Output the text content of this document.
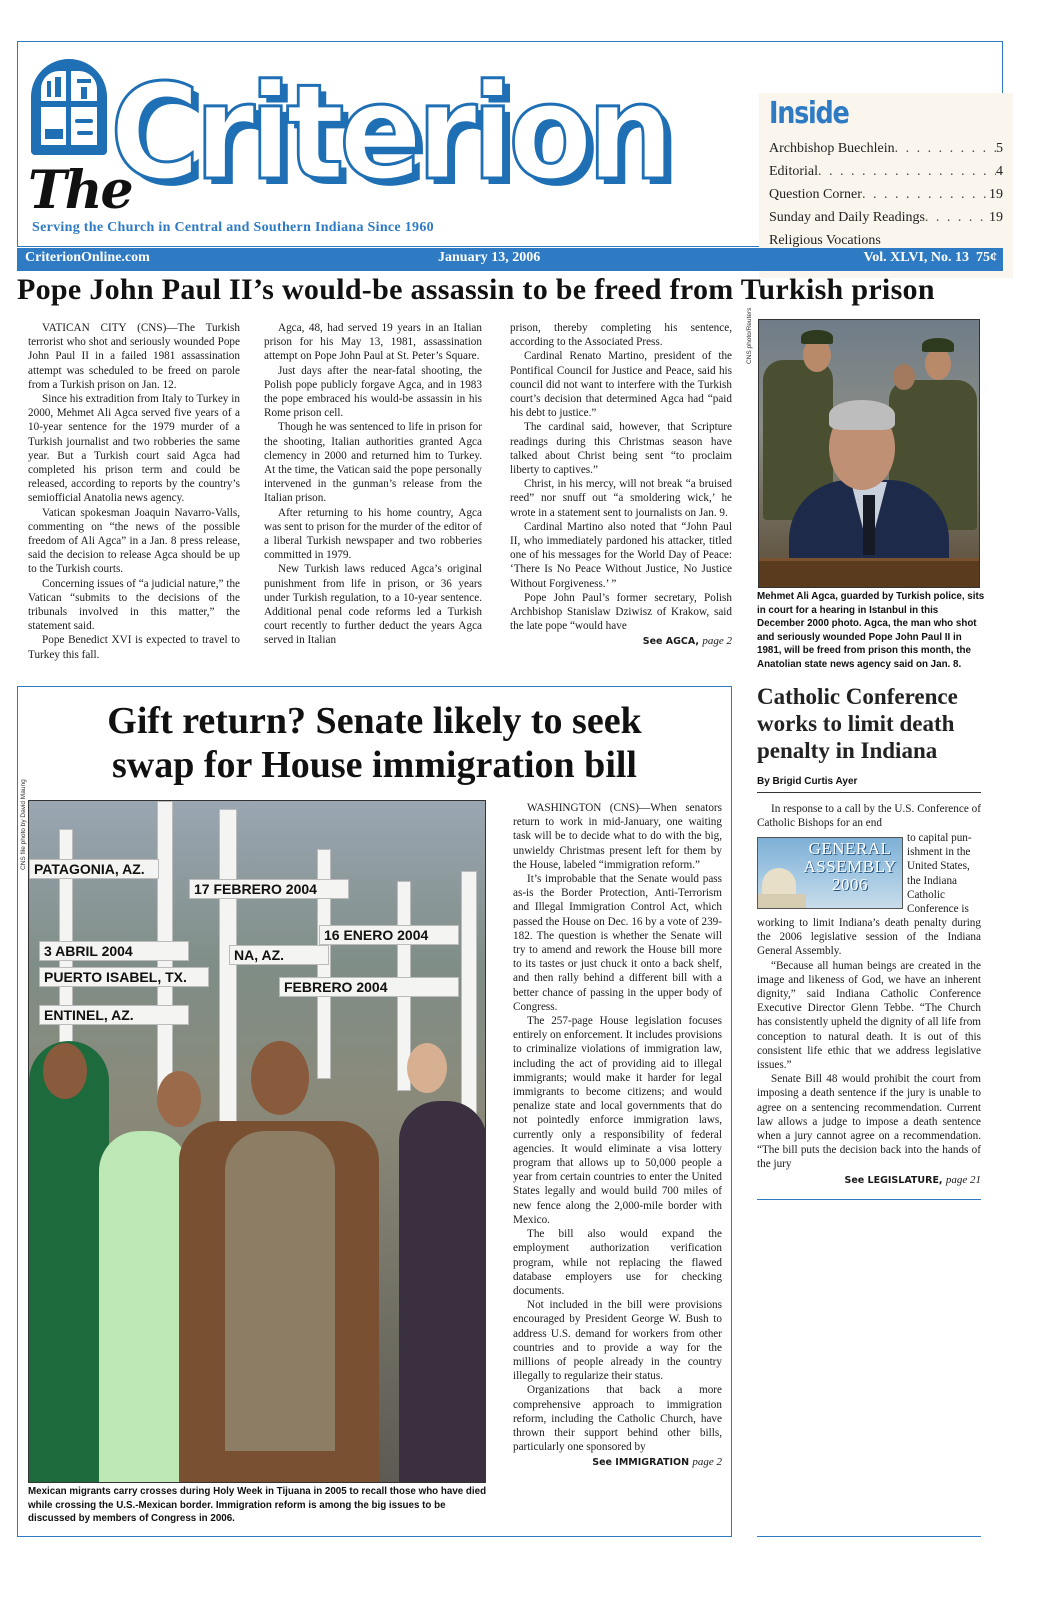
Criterion
The
Serving the Church in Central and Southern Indiana Since 1960
Inside
Archbishop Buechlein . . .	5
Editorial . . .	4
Question Corner . . .	19
Sunday and Daily Readings . . .	19
Religious Vocations
. . .
CriterionOnline.com	January 13, 2006	Vol. XLVI, No. 13 75¢
Pope John Paul II’s would-be assassin to be freed from Turkish prison

VATICAN CITY (CNS)—The Turkish terrorist who shot and seriously wounded Pope John Paul II in a failed 1981 assassination attempt was scheduled to be freed on parole from a Turkish prison on Jan. 12.

Since his extradition from Italy to Turkey in 2000, Mehmet Ali Agca served five years of a 10-year sentence for the 1979 murder of a Turkish journalist and two robberies the same year. But a Turkish court said Agca had completed his prison term and could be released, according to reports by the country’s semiofficial Anatolia news agency.

Vatican spokesman Joaquin Navarro-Valls, commenting on “the news of the possible freedom of Ali Agca” in a Jan. 8 press release, said the decision to release Agca should be up to the Turkish courts.

Concerning issues of “a judicial nature,” the Vatican “submits to the decisions of the tribunals involved in this matter,” the statement said.

Pope Benedict XVI is expected to travel to Turkey this fall.

Agca, 48, had served 19 years in an Italian prison for his May 13, 1981, assassination attempt on Pope John Paul at St. Peter’s Square.

Just days after the near-fatal shooting, the Polish pope publicly forgave Agca, and in 1983 the pope embraced his would-be assassin in his Rome prison cell.

Though he was sentenced to life in prison for the shooting, Italian authorities granted Agca clemency in 2000 and returned him to Turkey. At the time, the Vatican said the pope personally intervened in the gunman’s release from the Italian prison.

After returning to his home country, Agca was sent to prison for the murder of the editor of a liberal Turkish newspaper and two robberies committed in 1979.

New Turkish laws reduced Agca’s original punishment from life in prison, or 36 years under Turkish regulation, to a 10-year sentence. Additional penal code reforms led a Turkish court recently to further deduct the years Agca served in Italian

prison, thereby completing his sentence, according to the Associated Press.

Cardinal Renato Martino, president of the Pontifical Council for Justice and Peace, said his council did not want to interfere with the Turkish court’s decision that determined Agca had “paid his debt to justice.”

The cardinal said, however, that Scripture readings during this Christmas season have talked about Christ being sent “to proclaim liberty to captives.”

Christ, in his mercy, will not break “a bruised reed” nor snuff out “a smoldering wick,’ he wrote in a statement sent to journalists on Jan. 9.

Cardinal Martino also noted that “John Paul II, who immediately pardoned his attacker, titled one of his messages for the World Day of Peace: ‘There Is No Peace Without Justice, No Justice Without Forgiveness.’ ”

Pope John Paul’s former secretary, Polish Archbishop Stanislaw Dziwisz of Krakow, said the late pope “would have

See AGCA, page 2
CNS photo/Reuters
Mehmet Ali Agca, guarded by Turkish police, sits in court for a hearing in Istanbul in this December 2000 photo. Agca, the man who shot and seriously wounded Pope John Paul II in 1981, will be freed from prison this month, the Anatolian state news agency said on Jan. 8.
Catholic Conference works to limit death penalty in Indiana
By Brigid Curtis Ayer

In response to a call by the U.S. Conference of Catholic Bishops for an end

GENERAL
ASSEMBLY
2006
to capital pun-
ishment in the
United States,
the Indiana
Catholic
Conference is

working to limit Indiana’s death penalty during the 2006 legislative session of the Indiana General Assembly.

“Because all human beings are created in the image and likeness of God, we have an inherent dignity,” said Indiana Catholic Conference Executive Director Glenn Tebbe. “The Church has consistently upheld the dignity of all life from conception to natural death. It is out of this consistent life ethic that we address legislative issues.”

Senate Bill 48 would prohibit the court from imposing a death sentence if the jury is unable to agree on a sentencing recommendation. Current law allows a judge to impose a death sentence when a jury cannot agree on a recommendation. “The bill puts the decision back into the hands of the jury

See LEGISLATURE, page 21
Gift return? Senate likely to seek
swap for House immigration bill
CNS file photo by David Maung PATAGONIA, AZ.
17 FEBRERO 2004
3 ABRIL 2004
16 ENERO 2004
NA, AZ.
PUERTO ISABEL, TX.
FEBRERO 2004
ENTINEL, AZ.
Mexican migrants carry crosses during Holy Week in Tijuana in 2005 to recall those who have died while crossing the U.S.-Mexican border. Immigration reform is among the big issues to be discussed by members of Congress in 2006.

WASHINGTON (CNS)—When senators return to work in mid-January, one waiting task will be to decide what to do with the big, unwieldy Christmas present left for them by the House, labeled “immigration reform.”

It’s improbable that the Senate would pass as-is the Border Protection, Anti-Terrorism and Illegal Immigration Control Act, which passed the House on Dec. 16 by a vote of 239-182. The question is whether the Senate will try to amend and rework the House bill more to its tastes or just chuck it onto a back shelf, and then rally behind a different bill with a better chance of passing in the upper body of Congress.

The 257-page House legislation focuses entirely on enforcement. It includes provisions to criminalize violations of immigration law, including the act of providing aid to illegal immigrants; would make it harder for legal immigrants to become citizens; and would penalize state and local governments that do not pointedly enforce immigration laws, currently only a responsibility of federal agencies. It would eliminate a visa lottery program that allows up to 50,000 people a year from certain countries to enter the United States legally and would build 700 miles of new fence along the 2,000-mile border with Mexico.

The bill also would expand the employment authorization verification program, while not replacing the flawed database employers use for checking documents.

Not included in the bill were provisions encouraged by President George W. Bush to address U.S. demand for workers from other countries and to provide a way for the millions of people already in the country illegally to regularize their status.

Organizations that back a more comprehensive approach to immigration reform, including the Catholic Church, have thrown their support behind other bills, particularly one sponsored by

See IMMIGRATION page 2
